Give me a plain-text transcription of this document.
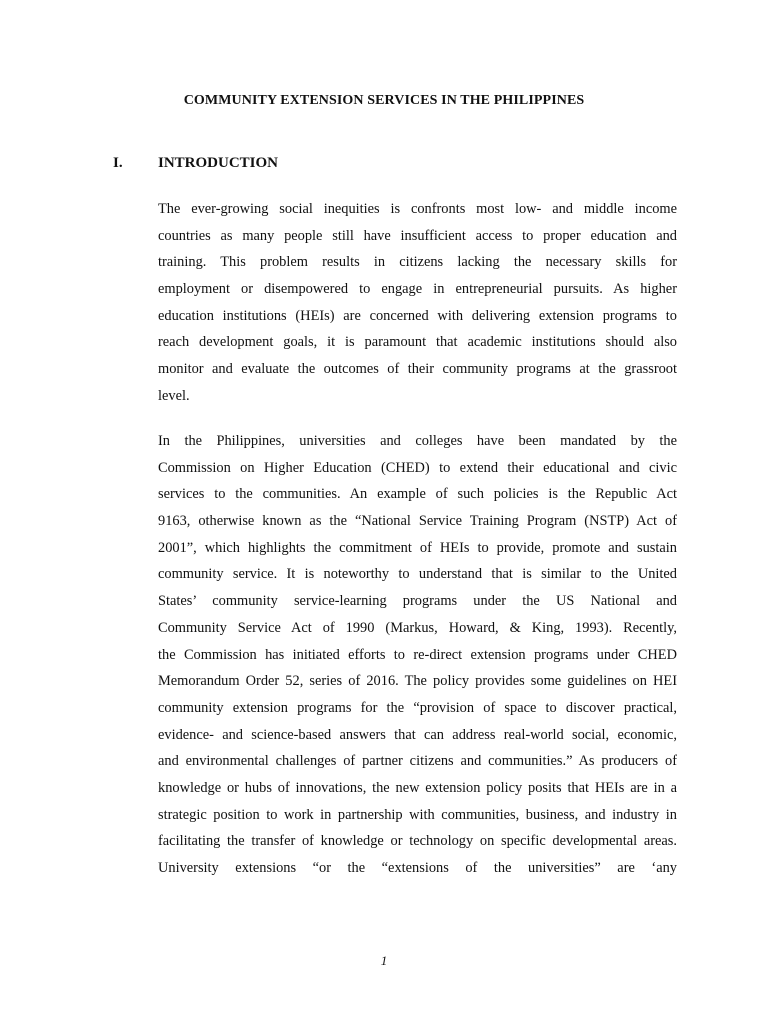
COMMUNITY EXTENSION SERVICES IN THE PHILIPPINES
I. INTRODUCTION
The ever-growing social inequities is confronts most low- and middle income
countries as many people still have insufficient access to proper education and
training. This problem results in citizens lacking the necessary skills for
employment or disempowered to engage in entrepreneurial pursuits. As higher
education institutions (HEIs) are concerned with delivering extension programs to
reach development goals, it is paramount that academic institutions should also
monitor and evaluate the outcomes of their community programs at the grassroot
level.
In the Philippines, universities and colleges have been mandated by the
Commission on Higher Education (CHED) to extend their educational and civic
services to the communities. An example of such policies is the Republic Act
9163, otherwise known as the “National Service Training Program (NSTP) Act of
2001”, which highlights the commitment of HEIs to provide, promote and sustain
community service. It is noteworthy to understand that is similar to the United
States’ community service-learning programs under the US National and
Community Service Act of 1990 (Markus, Howard, & King, 1993). Recently,
the Commission has initiated efforts to re-direct extension programs under CHED
Memorandum Order 52, series of 2016. The policy provides some guidelines on HEI
community extension programs for the “provision of space to discover practical,
evidence- and science-based answers that can address real-world social, economic,
and environmental challenges of partner citizens and communities.” As producers of
knowledge or hubs of innovations, the new extension policy posits that HEIs are in a
strategic position to work in partnership with communities, business, and industry in
facilitating the transfer of knowledge or technology on specific developmental areas.
University extensions “or the “extensions of the universities” are ‘any
1
